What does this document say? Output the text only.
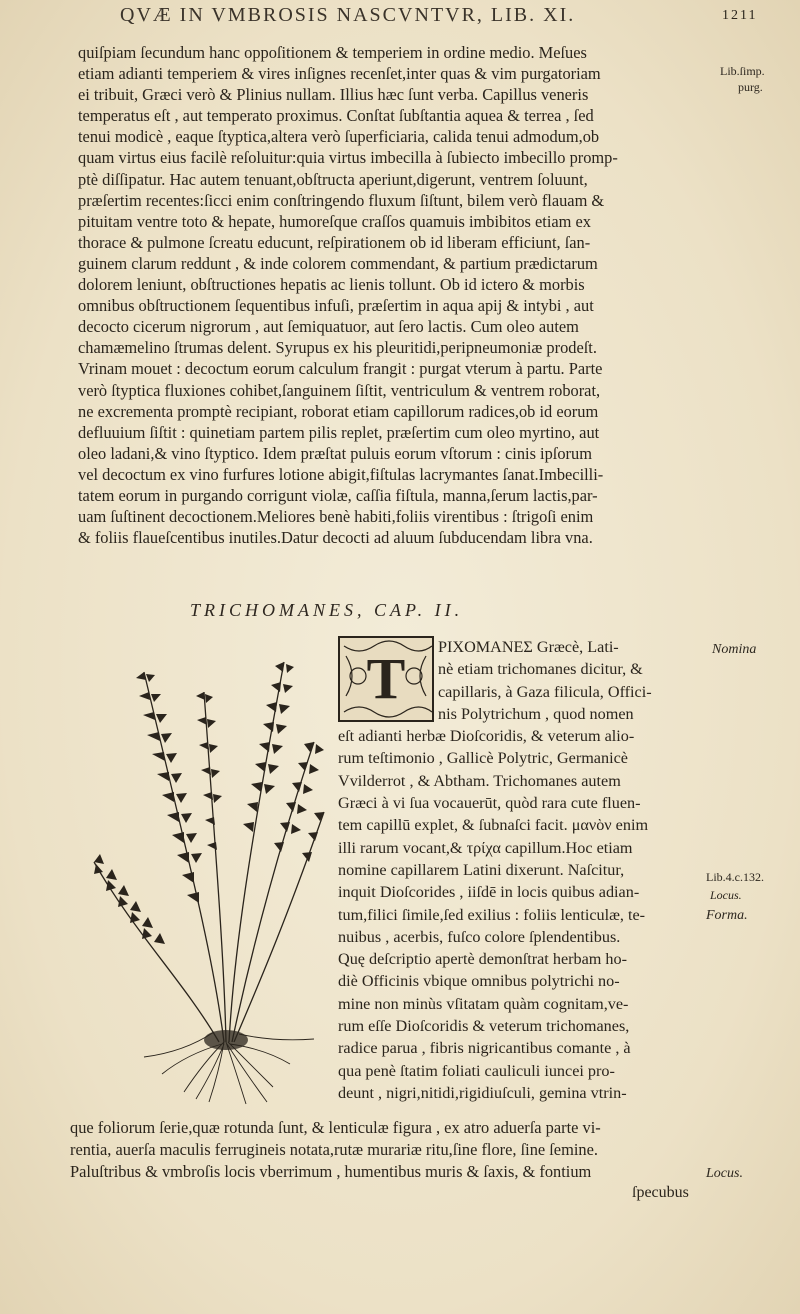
QVÆ IN VMBROSIS NASCVNTVR, LIB. XI.	1211
quiſpiam ſecundum hanc oppoſitionem & temperiem in ordine medio. Meſues
etiam adianti temperiem & vires inſignes recenſet,inter quas & vim purgatoriam
ei tribuit, Græci verò & Plinius nullam. Illius hæc ſunt verba. Capillus veneris
temperatus eſt , aut temperato proximus. Conſtat ſubſtantia aquea & terrea , ſed
tenui modicè , eaque ſtyptica,altera verò ſuperficiaria, calida tenui admodum,ob
quam virtus eius facilè reſoluitur:quia virtus imbecilla à ſubiecto imbecillo promp-
ptè diſſipatur. Hac autem tenuant,obſtructa aperiunt,digerunt, ventrem ſoluunt,
præſertim recentes:ſicci enim conſtringendo fluxum ſiſtunt, bilem verò flauam &
pituitam ventre toto & hepate, humoreſque craſſos quamuis imbibitos etiam ex
thorace & pulmone ſcreatu educunt, reſpirationem ob id liberam efficiunt, ſan-
guinem clarum reddunt , & inde colorem commendant, & partium prædictarum
dolorem leniunt, obſtructiones hepatis ac lienis tollunt. Ob id ictero & morbis
omnibus obſtructionem ſequentibus infuſi, præſertim in aqua apij & intybi , aut
decocto cicerum nigrorum , aut ſemiquatuor, aut ſero lactis. Cum oleo autem
chamæmelino ſtrumas delent. Syrupus ex his pleuritidi,peripneumoniæ prodeſt.
Vrinam mouet : decoctum eorum calculum frangit : purgat vterum à partu. Parte
verò ſtyptica fluxiones cohibet,ſanguinem ſiſtit, ventriculum & ventrem roborat,
ne excrementa promptè recipiant, roborat etiam capillorum radices,ob id eorum
defluuium ſiſtit : quinetiam partem pilis replet, præſertim cum oleo myrtino, aut
oleo ladani,& vino ſtyptico. Idem præſtat puluis eorum vſtorum : cinis ipſorum
vel decoctum ex vino furfures lotione abigit,fiſtulas lacrymantes ſanat.Imbecilli-
tatem eorum in purgando corrigunt violæ, caſſia fiſtula, manna,ſerum lactis,par-
uam ſuſtinent decoctionem.Meliores benè habiti,foliis virentibus : ſtrigoſi enim
& foliis flaueſcentibus inutiles.Datur decocti ad aluum ſubducendam libra vna.
Lib.ſimp.
purg.
TRICHOMANES, CAP. II.
T	PIXOMANEΣ Græcè, Lati-
nè etiam trichomanes dicitur, &
capillaris, à Gaza filicula, Offici-
nis Polytrichum , quod nomen
eſt adianti herbæ Dioſcoridis, & veterum alio-
rum teſtimonio , Gallicè Polytric, Germanicè
Vvilderrot , & Abtham. Trichomanes autem
Græci à vi ſua vocauerūt, quòd rara cute fluen-
tem capillū explet, & ſubnaſci facit. μανὸν enim
illi rarum vocant,& τρίχα capillum.Hoc etiam
nomine capillarem Latini dixerunt. Naſcitur,
inquit Dioſcorides , iiſdē in locis quibus adian-
tum,filici ſimile,ſed exilius : foliis lenticulæ, te-
nuibus , acerbis, fuſco colore ſplendentibus.
Quę deſcriptio apertè demonſtrat herbam ho-
diè Officinis vbique omnibus polytrichi no-
mine non minùs vſitatam quàm cognitam,ve-
rum eſſe Dioſcoridis & veterum trichomanes,
radice parua , fibris nigricantibus comante , à
qua penè ſtatim foliati cauliculi iuncei pro-
deunt , nigri,nitidi,rigidiuſculi, gemina vtrin-
Nomina
Lib.4.c.132.
Locus.
Forma.
Locus.
que foliorum ſerie,quæ rotunda ſunt, & lenticulæ figura , ex atro aduerſa parte vi-
rentia, auerſa maculis ferrugineis notata,rutæ murariæ ritu,ſine flore, ſine ſemine.
Paluſtribus & vmbroſis locis vberrimum , humentibus muris & ſaxis, & fontium
ſpecubus
